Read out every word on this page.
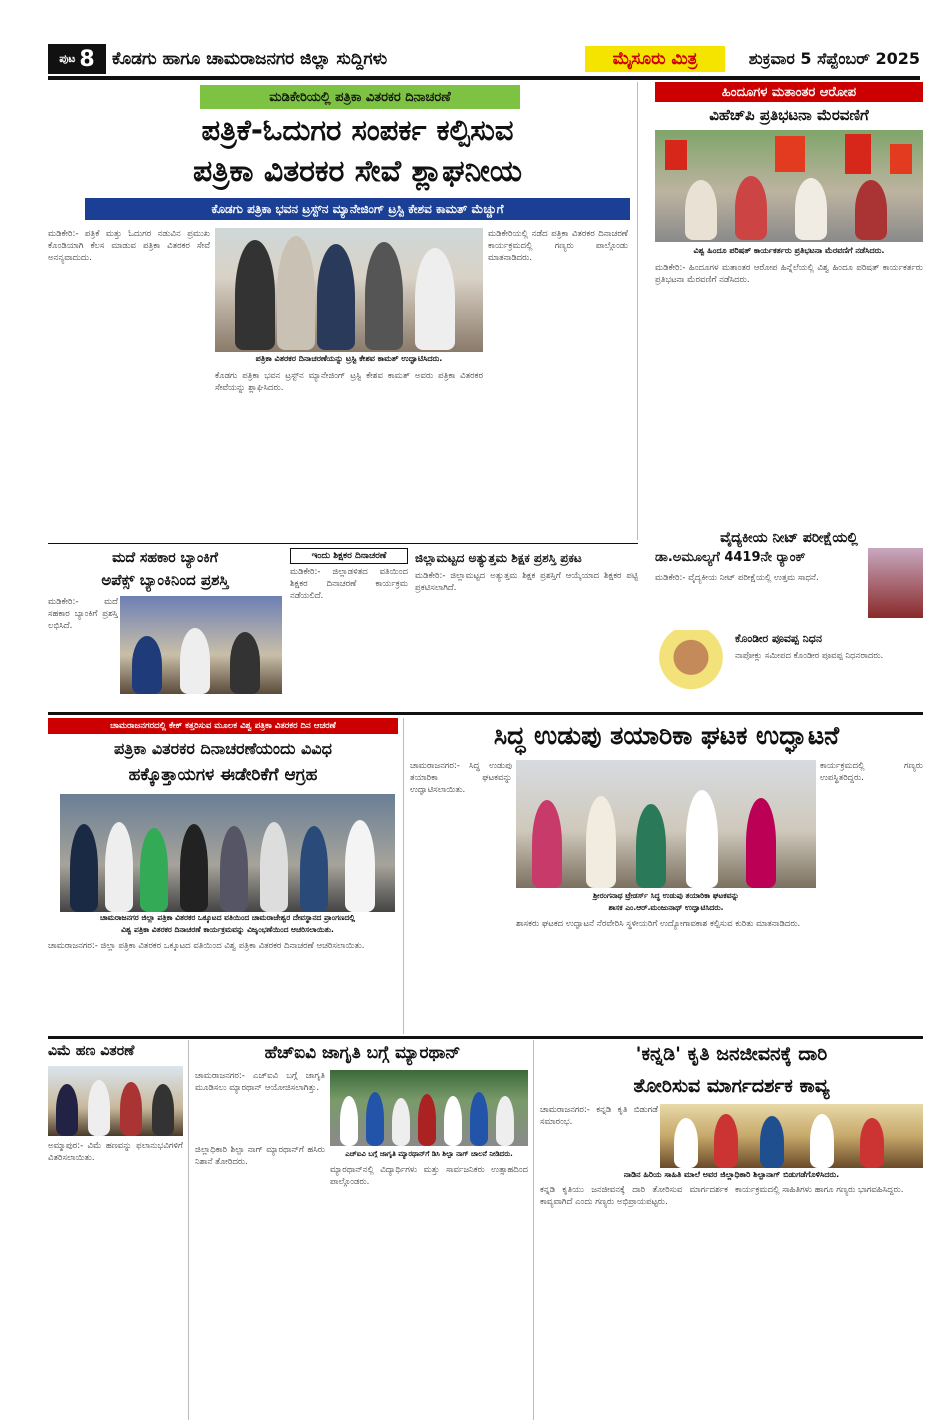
ಪುಟ 8 ಕೊಡಗು ಹಾಗೂ ಚಾಮರಾಜನಗರ ಜಿಲ್ಲಾ ಸುದ್ದಿಗಳು	ಮೈಸೂರು ಮಿತ್ರ	ಶುಕ್ರವಾರ 5 ಸೆಪ್ಟೆಂಬರ್ 2025
ಮಡಿಕೇರಿಯಲ್ಲಿ ಪತ್ರಿಕಾ ವಿತರಕರ ದಿನಾಚರಣೆ
ಪತ್ರಿಕೆ-ಓದುಗರ ಸಂಪರ್ಕ ಕಲ್ಪಿಸುವ
ಪತ್ರಿಕಾ ವಿತರಕರ ಸೇವೆ ಶ್ಲಾಘನೀಯ
ಕೊಡಗು ಪತ್ರಿಕಾ ಭವನ ಟ್ರಸ್ಟ್‌ನ ಮ್ಯಾನೇಜಿಂಗ್ ಟ್ರಸ್ಟಿ ಕೇಶವ ಕಾಮತ್ ಮೆಚ್ಚುಗೆ
ಮಡಿಕೇರಿ:- ಪತ್ರಿಕೆ ಮತ್ತು ಓದುಗರ ನಡುವಿನ ಪ್ರಮುಖ ಕೊಂಡಿಯಾಗಿ ಕೆಲಸ ಮಾಡುವ ಪತ್ರಿಕಾ ವಿತರಕರ ಸೇವೆ ಅನನ್ಯವಾದುದು.
ಪತ್ರಿಕಾ ವಿತರಕರ ದಿನಾಚರಣೆಯನ್ನು ಟ್ರಸ್ಟಿ ಕೇಶವ ಕಾಮತ್ ಉದ್ಘಾಟಿಸಿದರು.
ಮಡಿಕೇರಿಯಲ್ಲಿ ನಡೆದ ಪತ್ರಿಕಾ ವಿತರಕರ ದಿನಾಚರಣೆ ಕಾರ್ಯಕ್ರಮದಲ್ಲಿ ಗಣ್ಯರು ಪಾಲ್ಗೊಂಡು ಮಾತನಾಡಿದರು.
ಕೊಡಗು ಪತ್ರಿಕಾ ಭವನ ಟ್ರಸ್ಟ್‌ನ ಮ್ಯಾನೇಜಿಂಗ್ ಟ್ರಸ್ಟಿ ಕೇಶವ ಕಾಮತ್ ಅವರು ಪತ್ರಿಕಾ ವಿತರಕರ ಸೇವೆಯನ್ನು ಶ್ಲಾಘಿಸಿದರು.
ಹಿಂದೂಗಳ ಮತಾಂತರ ಆರೋಪ
ವಿಹೆಚ್‌ಪಿ ಪ್ರತಿಭಟನಾ ಮೆರವಣಿಗೆ
ವಿಶ್ವ ಹಿಂದೂ ಪರಿಷತ್ ಕಾರ್ಯಕರ್ತರು ಪ್ರತಿಭಟನಾ ಮೆರವಣಿಗೆ ನಡೆಸಿದರು.
ಮಡಿಕೇರಿ:- ಹಿಂದೂಗಳ ಮತಾಂತರ ಆರೋಪ ಹಿನ್ನೆಲೆಯಲ್ಲಿ ವಿಶ್ವ ಹಿಂದೂ ಪರಿಷತ್ ಕಾರ್ಯಕರ್ತರು ಪ್ರತಿಭಟನಾ ಮೆರವಣಿಗೆ ನಡೆಸಿದರು.
ವೈದ್ಯಕೀಯ ನೀಟ್ ಪರೀಕ್ಷೆಯಲ್ಲಿ
ಡಾ.ಅಮೂಲ್ಯಗೆ 4419ನೇ ರ‍್ಯಾಂಕ್
ಮಡಿಕೇರಿ:- ವೈದ್ಯಕೀಯ ನೀಟ್ ಪರೀಕ್ಷೆಯಲ್ಲಿ ಉತ್ತಮ ಸಾಧನೆ.
ಕೊಂಡೀರ ಪೂವಪ್ಪ ನಿಧನ
ನಾಪೋಕ್ಲು ಸಮೀಪದ ಕೊಂಡೀರ ಪೂವಪ್ಪ ನಿಧನರಾದರು.
ಮದೆ ಸಹಕಾರ ಬ್ಯಾಂಕಿಗೆ
ಅಪೆಕ್ಸ್ ಬ್ಯಾಂಕಿನಿಂದ ಪ್ರಶಸ್ತಿ
ಮಡಿಕೇರಿ:- ಮದೆ ಸಹಕಾರ ಬ್ಯಾಂಕಿಗೆ ಪ್ರಶಸ್ತಿ ಲಭಿಸಿದೆ.
ಇಂದು ಶಿಕ್ಷಕರ ದಿನಾಚರಣೆ
ಮಡಿಕೇರಿ:- ಜಿಲ್ಲಾಡಳಿತದ ವತಿಯಿಂದ ಶಿಕ್ಷಕರ ದಿನಾಚರಣೆ ಕಾರ್ಯಕ್ರಮ ನಡೆಯಲಿದೆ.
ಜಿಲ್ಲಾಮಟ್ಟದ ಅತ್ಯುತ್ತಮ ಶಿಕ್ಷಕ ಪ್ರಶಸ್ತಿ ಪ್ರಕಟ
ಮಡಿಕೇರಿ:- ಜಿಲ್ಲಾಮಟ್ಟದ ಅತ್ಯುತ್ತಮ ಶಿಕ್ಷಕ ಪ್ರಶಸ್ತಿಗೆ ಆಯ್ಕೆಯಾದ ಶಿಕ್ಷಕರ ಪಟ್ಟಿ ಪ್ರಕಟಿಸಲಾಗಿದೆ.
ಚಾಮರಾಜನಗರದಲ್ಲಿ ಕೇಕ್ ಕತ್ತರಿಸುವ ಮೂಲಕ ವಿಶ್ವ ಪತ್ರಿಕಾ ವಿತರಕರ ದಿನ ಆಚರಣೆ
ಪತ್ರಿಕಾ ವಿತರಕರ ದಿನಾಚರಣೆಯಂದು ವಿವಿಧ
ಹಕ್ಕೊತ್ತಾಯಗಳ ಈಡೇರಿಕೆಗೆ ಆಗ್ರಹ
ಚಾಮರಾಜನಗರ ಜಿಲ್ಲಾ ಪತ್ರಿಕಾ ವಿತರಕರ ಒಕ್ಕೂಟದ ವತಿಯಿಂದ ಚಾಮರಾಜೇಶ್ವರ ದೇವಸ್ಥಾನದ ಪ್ರಾಂಗಣದಲ್ಲಿ
ವಿಶ್ವ ಪತ್ರಿಕಾ ವಿತರಕರ ದಿನಾಚರಣೆ ಕಾರ್ಯಕ್ರಮವನ್ನು ವಿಜೃಂಭಣೆಯಿಂದ ಆಚರಿಸಲಾಯಿತು.
ಚಾಮರಾಜನಗರ:- ಜಿಲ್ಲಾ ಪತ್ರಿಕಾ ವಿತರಕರ ಒಕ್ಕೂಟದ ವತಿಯಿಂದ ವಿಶ್ವ ಪತ್ರಿಕಾ ವಿತರಕರ ದಿನಾಚರಣೆ ಆಚರಿಸಲಾಯಿತು.
ಸಿದ್ಧ ಉಡುಪು ತಯಾರಿಕಾ ಘಟಕ ಉದ್ಘಾಟನೆ
ಚಾಮರಾಜನಗರ:- ಸಿದ್ಧ ಉಡುಪು ತಯಾರಿಕಾ ಘಟಕವನ್ನು ಉದ್ಘಾಟಿಸಲಾಯಿತು.
ಶ್ರೀರಂಗನಾಥ ಟ್ರೇಡರ್ಸ್ ಸಿದ್ಧ ಉಡುಪು ತಯಾರಿಕಾ ಘಟಕವನ್ನು
ಶಾಸಕ ಎಂ.ಆರ್.ಮಂಜುನಾಥ್ ಉದ್ಘಾಟಿಸಿದರು.
ಶಾಸಕರು ಘಟಕದ ಉದ್ಘಾಟನೆ ನೆರವೇರಿಸಿ ಸ್ಥಳೀಯರಿಗೆ ಉದ್ಯೋಗಾವಕಾಶ ಕಲ್ಪಿಸುವ ಕುರಿತು ಮಾತನಾಡಿದರು.
ಕಾರ್ಯಕ್ರಮದಲ್ಲಿ ಗಣ್ಯರು ಉಪಸ್ಥಿತರಿದ್ದರು.
ವಿಮೆ ಹಣ ವಿತರಣೆ
ಅಮ್ಮಾಪುರ:- ವಿಮೆ ಹಣವನ್ನು ಫಲಾನುಭವಿಗಳಿಗೆ ವಿತರಿಸಲಾಯಿತು.
ಹೆಚ್‌ಐವಿ ಜಾಗೃತಿ ಬಗ್ಗೆ ಮ್ಯಾರಥಾನ್
ಚಾಮರಾಜನಗರ:- ಎಚ್‌ಐವಿ ಬಗ್ಗೆ ಜಾಗೃತಿ ಮೂಡಿಸಲು ಮ್ಯಾರಥಾನ್ ಆಯೋಜಿಸಲಾಗಿತ್ತು.
ಎಚ್‌ಐವಿ ಬಗ್ಗೆ ಜಾಗೃತಿ ಮ್ಯಾರಥಾನ್‌ಗೆ ಡಿಸಿ ಶಿಲ್ಪಾ ನಾಗ್ ಚಾಲನೆ ನೀಡಿದರು.
ಜಿಲ್ಲಾಧಿಕಾರಿ ಶಿಲ್ಪಾ ನಾಗ್ ಮ್ಯಾರಥಾನ್‌ಗೆ ಹಸಿರು ನಿಶಾನೆ ತೋರಿದರು.
ಮ್ಯಾರಥಾನ್‌ನಲ್ಲಿ ವಿದ್ಯಾರ್ಥಿಗಳು ಮತ್ತು ಸಾರ್ವಜನಿಕರು ಉತ್ಸಾಹದಿಂದ ಪಾಲ್ಗೊಂಡರು.
'ಕನ್ನಡಿ' ಕೃತಿ ಜನಜೀವನಕ್ಕೆ ದಾರಿ
ತೋರಿಸುವ ಮಾರ್ಗದರ್ಶಕ ಕಾವ್ಯ
ಚಾಮರಾಜನಗರ:- ಕನ್ನಡಿ ಕೃತಿ ಬಿಡುಗಡೆ ಸಮಾರಂಭ.
ನಾಡಿನ ಹಿರಿಯ ಸಾಹಿತಿ ಮಾಲೆ ಅವರ ಜಿಲ್ಲಾಧಿಕಾರಿ ಶಿಲ್ಪಾನಾಗ್ ಬಿಡುಗಡೆಗೊಳಿಸಿದರು.
ಕನ್ನಡಿ ಕೃತಿಯು ಜನಜೀವನಕ್ಕೆ ದಾರಿ ತೋರಿಸುವ ಮಾರ್ಗದರ್ಶಕ ಕಾವ್ಯವಾಗಿದೆ ಎಂದು ಗಣ್ಯರು ಅಭಿಪ್ರಾಯಪಟ್ಟರು.
ಕಾರ್ಯಕ್ರಮದಲ್ಲಿ ಸಾಹಿತಿಗಳು ಹಾಗೂ ಗಣ್ಯರು ಭಾಗವಹಿಸಿದ್ದರು.
